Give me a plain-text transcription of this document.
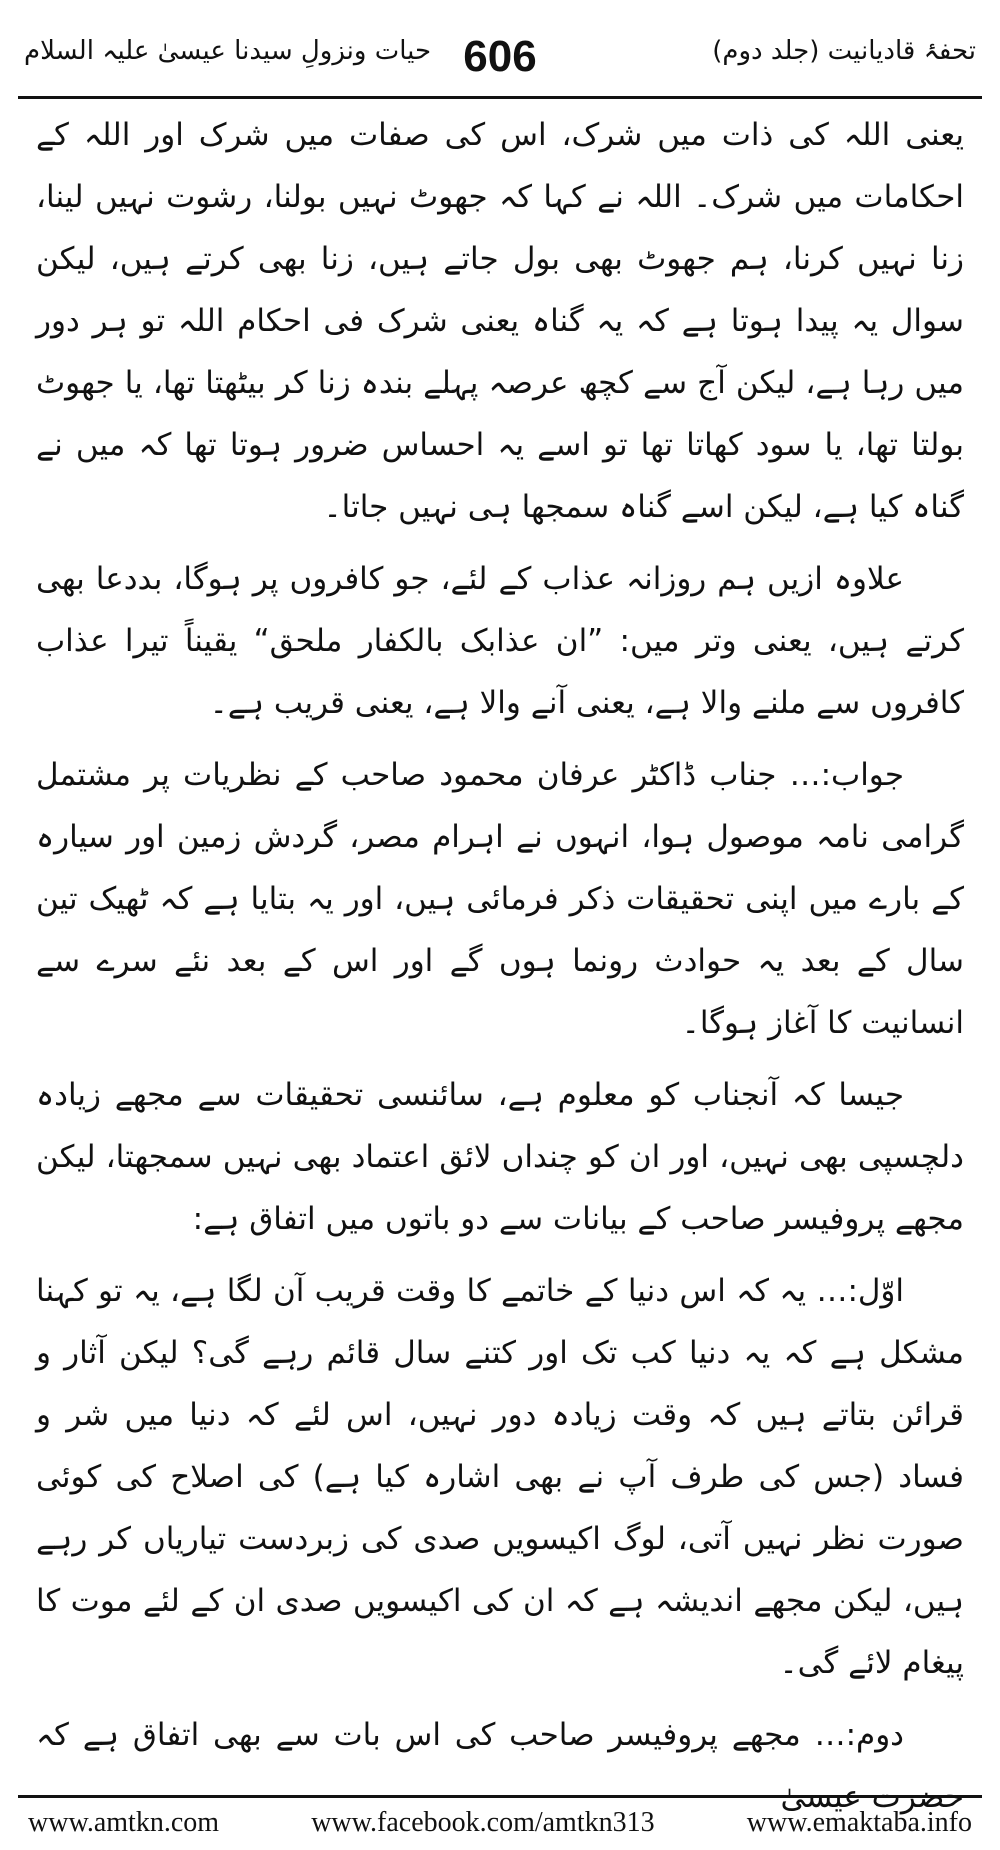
تحفۂ قادیانیت (جلد دوم)
606
حیات ونزولِ سیدنا عیسیٰ علیہ السلام

یعنی اللہ کی ذات میں شرک، اس کی صفات میں شرک اور اللہ کے احکامات میں شرک۔ اللہ نے کہا کہ جھوٹ نہیں بولنا، رشوت نہیں لینا، زنا نہیں کرنا، ہم جھوٹ بھی بول جاتے ہیں، زنا بھی کرتے ہیں، لیکن سوال یہ پیدا ہوتا ہے کہ یہ گناہ یعنی شرک فی احکام اللہ تو ہر دور میں رہا ہے، لیکن آج سے کچھ عرصہ پہلے بندہ زنا کر بیٹھتا تھا، یا جھوٹ بولتا تھا، یا سود کھاتا تھا تو اسے یہ احساس ضرور ہوتا تھا کہ میں نے گناہ کیا ہے، لیکن اسے گناہ سمجھا ہی نہیں جاتا۔

علاوہ ازیں ہم روزانہ عذاب کے لئے، جو کافروں پر ہوگا، بددعا بھی کرتے ہیں، یعنی وتر میں: ”ان عذابک بالکفار ملحق“ یقیناً تیرا عذاب کافروں سے ملنے والا ہے، یعنی آنے والا ہے، یعنی قریب ہے۔

جواب:… جناب ڈاکٹر عرفان محمود صاحب کے نظریات پر مشتمل گرامی نامہ موصول ہوا، انہوں نے اہرام مصر، گردش زمین اور سیارہ کے بارے میں اپنی تحقیقات ذکر فرمائی ہیں، اور یہ بتایا ہے کہ ٹھیک تین سال کے بعد یہ حوادث رونما ہوں گے اور اس کے بعد نئے سرے سے انسانیت کا آغاز ہوگا۔

جیسا کہ آنجناب کو معلوم ہے، سائنسی تحقیقات سے مجھے زیادہ دلچسپی بھی نہیں، اور ان کو چنداں لائق اعتماد بھی نہیں سمجھتا، لیکن مجھے پروفیسر صاحب کے بیانات سے دو باتوں میں اتفاق ہے:

اوّل:… یہ کہ اس دنیا کے خاتمے کا وقت قریب آن لگا ہے، یہ تو کہنا مشکل ہے کہ یہ دنیا کب تک اور کتنے سال قائم رہے گی؟ لیکن آثار و قرائن بتاتے ہیں کہ وقت زیادہ دور نہیں، اس لئے کہ دنیا میں شر و فساد (جس کی طرف آپ نے بھی اشارہ کیا ہے) کی اصلاح کی کوئی صورت نظر نہیں آتی، لوگ اکیسویں صدی کی زبردست تیاریاں کر رہے ہیں، لیکن مجھے اندیشہ ہے کہ ان کی اکیسویں صدی ان کے لئے موت کا پیغام لائے گی۔

دوم:… مجھے پروفیسر صاحب کی اس بات سے بھی اتفاق ہے کہ حضرت عیسیٰ

www.amtkn.com	www.facebook.com/amtkn313	www.emaktaba.info
